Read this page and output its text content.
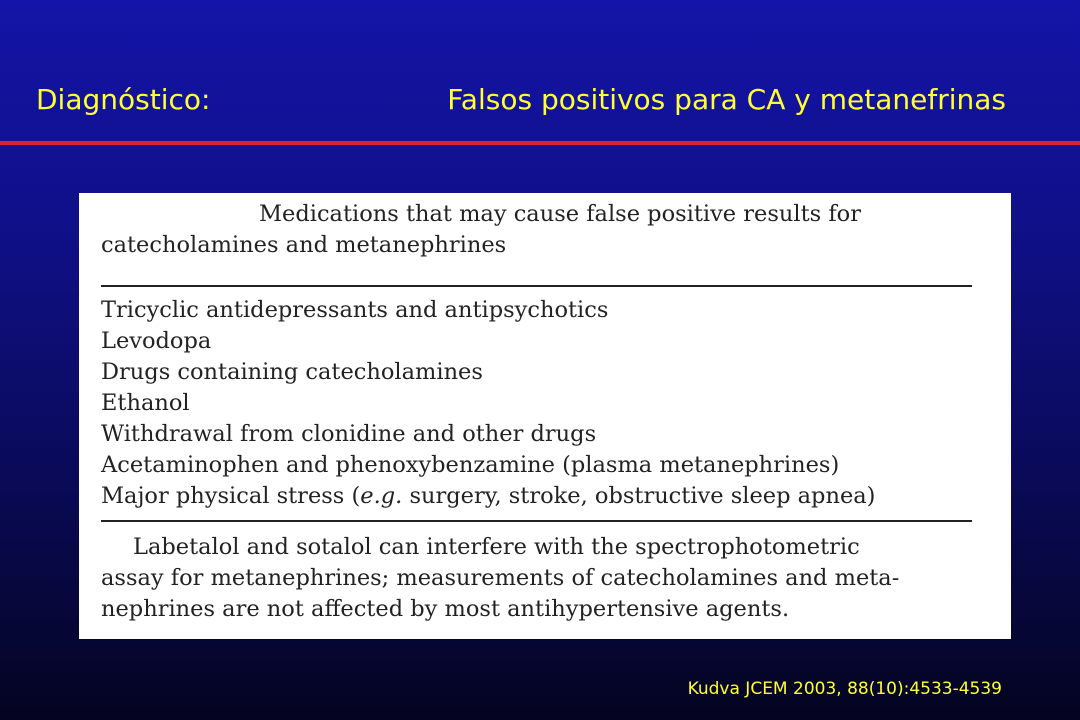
Diagnóstico:	Falsos positivos para CA y metanefrinas
Medications that may cause false positive results for
catecholamines and metanephrines
Tricyclic antidepressants and antipsychotics
Levodopa
Drugs containing catecholamines
Ethanol
Withdrawal from clonidine and other drugs
Acetaminophen and phenoxybenzamine (plasma metanephrines)
Major physical stress (e.g. surgery, stroke, obstructive sleep apnea)
Labetalol and sotalol can interfere with the spectrophotometric
assay for metanephrines; measurements of catecholamines and meta-
nephrines are not affected by most antihypertensive agents.
Kudva JCEM 2003, 88(10):4533-4539
